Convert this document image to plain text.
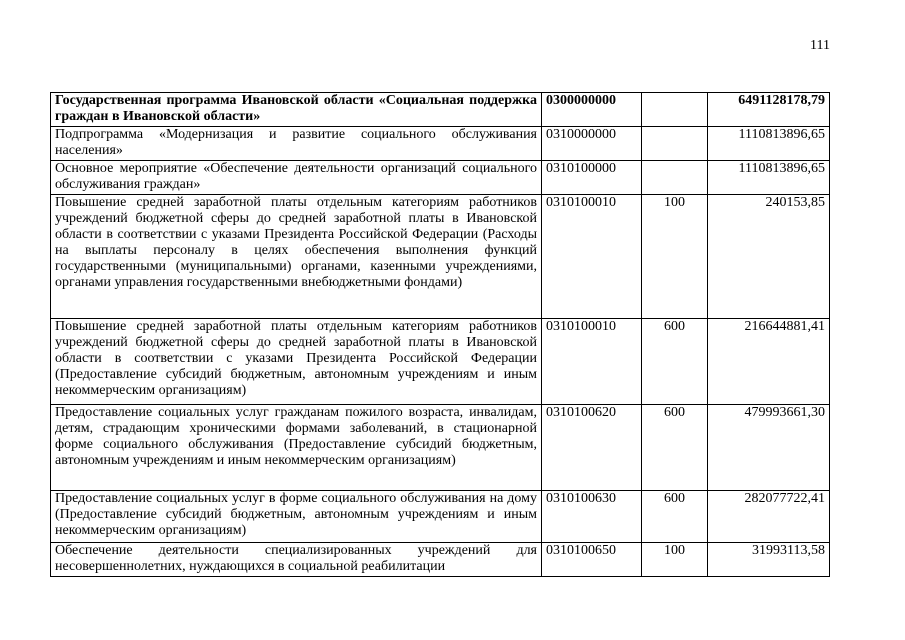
111
Государственная программа Ивановской области «Социальная поддержка граждан в Ивановской области»	0300000000		6491128178,79
Подпрограмма «Модернизация и развитие социального обслуживания населения»	0310000000		1110813896,65
Основное мероприятие «Обеспечение деятельности организаций социального обслуживания граждан»	0310100000		1110813896,65
Повышение средней заработной платы отдельным категориям работников учреждений бюджетной сферы до средней заработной платы в Ивановской области в соответствии с указами Президента Российской Федерации (Расходы на выплаты персоналу в целях обеспечения выполнения функций государственными (муниципальными) органами, казенными учреждениями, органами управления государственными внебюджетными фондами)	0310100010	100	240153,85
Повышение средней заработной платы отдельным категориям работников учреждений бюджетной сферы до средней заработной платы в Ивановской области в соответствии с указами Президента Российской Федерации (Предоставление субсидий бюджетным, автономным учреждениям и иным некоммерческим организациям)	0310100010	600	216644881,41
Предоставление социальных услуг гражданам пожилого возраста, инвалидам, детям, страдающим хроническими формами заболеваний, в стационарной форме социального обслуживания (Предоставление субсидий бюджетным, автономным учреждениям и иным некоммерческим организациям)	0310100620	600	479993661,30
Предоставление социальных услуг в форме социального обслуживания на дому (Предоставление субсидий бюджетным, автономным учреждениям и иным некоммерческим организациям)	0310100630	600	282077722,41
Обеспечение деятельности специализированных учреждений для несовершеннолетних, нуждающихся в социальной реабилитации	0310100650	100	31993113,58
